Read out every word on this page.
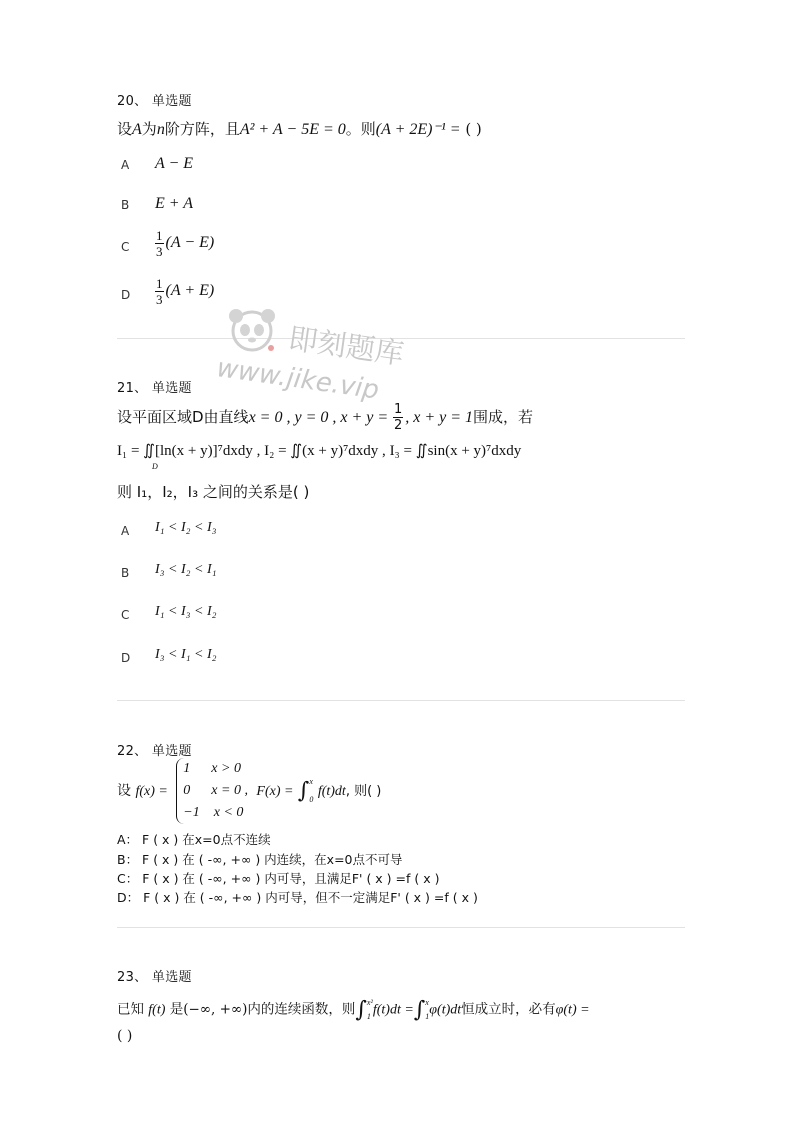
20、 单选题
设A为n阶方阵，且A² + A − 5E = 0。则(A + 2E)⁻¹ = ( )
A A − E
B E + A
C $\frac{1}{3} (A - E)$
D $\frac{1}{3} (A + E)$
即刻题库
www.jike.vip
21、 单选题
设平面区域D由直线x = 0 , y = 0 , $x + y = \frac{1}{2}$ , x + y = 1围成，若
I₁ = ∬[ln(x + y)]⁷dxdy , I₂ = ∬(x + y)⁷dxdy , I₃ = ∬sin(x + y)⁷dxdy
D
则 I₁，I₂，I₃ 之间的关系是( )
A I₁ < I₂ < I₃
B I₃ < I₂ < I₁
C I₁ < I₃ < I₂
D I₃ < I₁ < I₂
22、 单选题
设 f(x) =
1      x > 0
0      x = 0 ,
−1    x < 0
F(x) = ∫ x
0
f(t)dt, 则( )
A： F ( x ) 在x=0点不连续
B： F ( x ) 在 ( -∞, +∞ ) 内连续，在x=0点不可导
C： F ( x ) 在 ( -∞, +∞ ) 内可导，且满足F' ( x ) =f ( x )
D： F ( x ) 在 ( -∞, +∞ ) 内可导，但不一定满足F' ( x ) =f ( x )
23、 单选题
已知 f(t) 是(−∞, +∞)内的连续函数，则∫ x²
1 f(t)dt =∫ x
1 φ(t)dt恒成立时，必有φ(t) =
( )
